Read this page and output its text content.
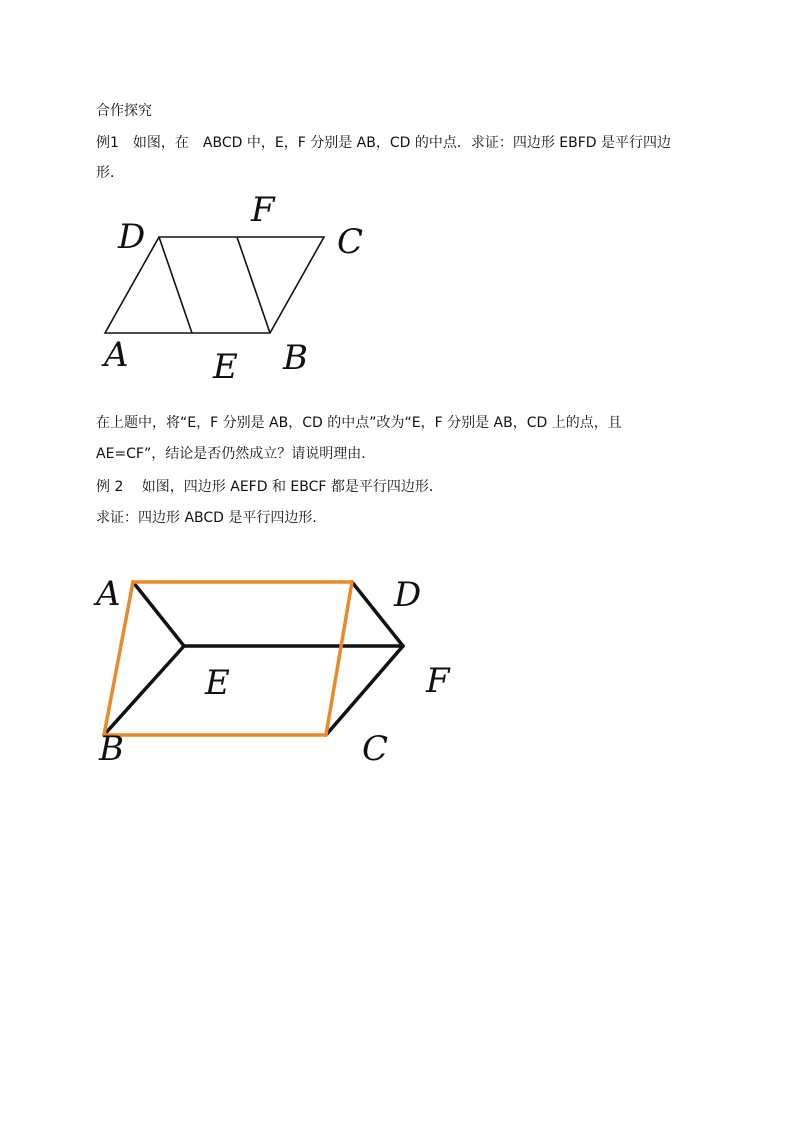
合作探究
例1　如图，在　ABCD 中，E，F 分别是 AB，CD 的中点．求证：四边形 EBFD 是平行四边
形．
D
F
C
A E B
在上题中，将“E，F 分别是 AB，CD 的中点”改为“E，F 分别是 AB，CD 上的点，且
AE=CF”，结论是否仍然成立？请说明理由．
例 2　 如图，四边形 AEFD 和 EBCF 都是平行四边形．
求证：四边形 ABCD 是平行四边形．
A	D
E	F
B	C
